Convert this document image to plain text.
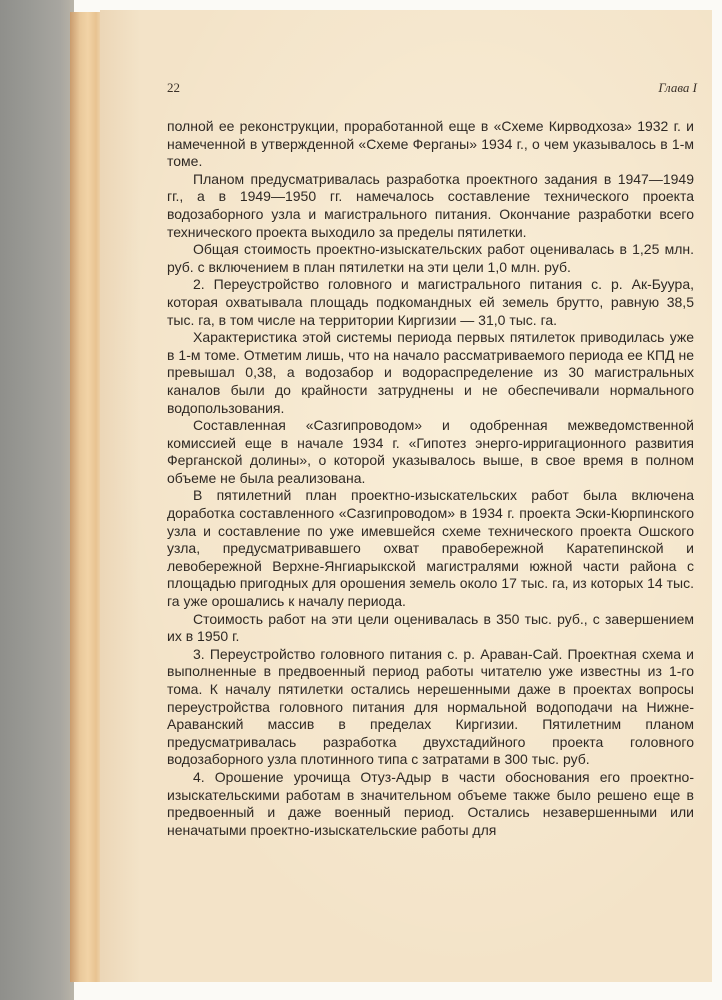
22	Глава I

полной ее реконструкции, проработанной еще в «Схеме Кирводхоза» 1932 г. и намеченной в утвержденной «Схеме Ферганы» 1934 г., о чем указывалось в 1-м томе.

Планом предусматривалась разработка проектного задания в 1947—1949 гг., а в 1949—1950 гг. намечалось составление технического проекта водозаборного узла и магистрального питания. Окончание разработки всего технического проекта выходило за пределы пятилетки.

Общая стоимость проектно-изыскательских работ оценивалась в 1,25 млн. руб. с включением в план пятилетки на эти цели 1,0 млн. руб.

2. Переустройство головного и магистрального питания с. р. Ак-Буура, которая охватывала площадь подкомандных ей земель брутто, равную 38,5 тыс. га, в том числе на территории Киргизии — 31,0 тыс. га.

Характеристика этой системы периода первых пятилеток приводилась уже в 1-м томе. Отметим лишь, что на начало рассматриваемого периода ее КПД не превышал 0,38, а водозабор и водораспределение из 30 магистральных каналов были до крайности затруднены и не обеспечивали нормального водопользования.

Составленная «Сазгипроводом» и одобренная межведомственной комиссией еще в начале 1934 г. «Гипотез энерго-ирригационного развития Ферганской долины», о которой указывалось выше, в свое время в полном объеме не была реализована.

В пятилетний план проектно-изыскательских работ была включена доработка составленного «Сазгипроводом» в 1934 г. проекта Эски-Кюрпинского узла и составление по уже имевшейся схеме технического проекта Ошского узла, предусматривавшего охват правобережной Каратепинской и левобережной Верхне-Янгиарыкской магистралями южной части района с площадью пригодных для орошения земель около 17 тыс. га, из которых 14 тыс. га уже орошались к началу периода.

Стоимость работ на эти цели оценивалась в 350 тыс. руб., с завершением их в 1950 г.

3. Переустройство головного питания с. р. Араван-Сай. Проектная схема и выполненные в предвоенный период работы читателю уже известны из 1-го тома. К началу пятилетки остались нерешенными даже в проектах вопросы переустройства головного питания для нормальной водоподачи на Нижне-Араванский массив в пределах Киргизии. Пятилетним планом предусматривалась разработка двухстадийного проекта головного водозаборного узла плотинного типа с затратами в 300 тыс. руб.

4. Орошение урочища Отуз-Адыр в части обоснования его проектно-изыскательскими работам в значительном объеме также было решено еще в предвоенный и даже военный период. Остались незавершенными или неначатыми проектно-изыскательские работы для
